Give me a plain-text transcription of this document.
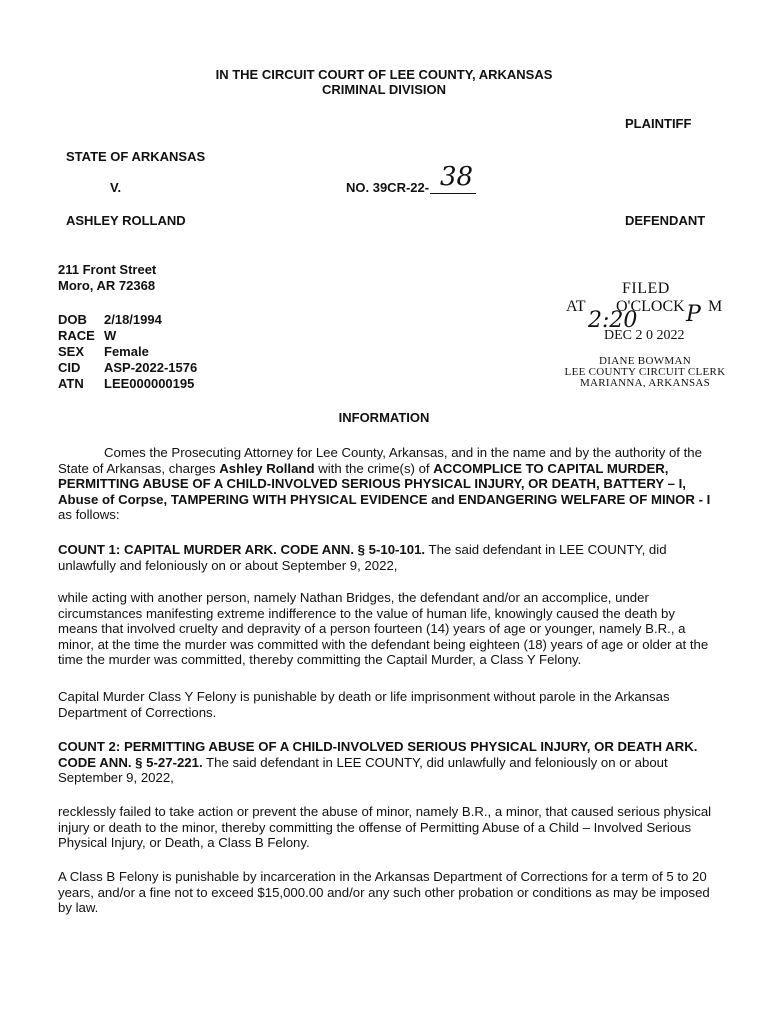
IN THE CIRCUIT COURT OF LEE COUNTY, ARKANSAS
CRIMINAL DIVISION
PLAINTIFF
STATE OF ARKANSAS
V.	NO. 39CR-22- 38
ASHLEY ROLLAND	DEFENDANT
211 Front Street
Moro, AR 72368
DOB	2/18/1994
RACE W
SEX	Female
CID	ASP-2022-1576
ATN	LEE000000195
FILED
AT O'CLOCK M
2:20 P
DEC 2 0 2022
DIANE BOWMAN
LEE COUNTY CIRCUIT CLERK
MARIANNA, ARKANSAS
INFORMATION
Comes the Prosecuting Attorney for Lee County, Arkansas, and in the name and by the authority of the State of Arkansas, charges Ashley Rolland with the crime(s) of ACCOMPLICE TO CAPITAL MURDER, PERMITTING ABUSE OF A CHILD-INVOLVED SERIOUS PHYSICAL INJURY, OR DEATH, BATTERY – I, Abuse of Corpse, TAMPERING WITH PHYSICAL EVIDENCE and ENDANGERING WELFARE OF MINOR - I as follows:
COUNT 1: CAPITAL MURDER ARK. CODE ANN. § 5-10-101. The said defendant in LEE COUNTY, did unlawfully and feloniously on or about September 9, 2022,
while acting with another person, namely Nathan Bridges, the defendant and/or an accomplice, under circumstances manifesting extreme indifference to the value of human life, knowingly caused the death by means that involved cruelty and depravity of a person fourteen (14) years of age or younger, namely B.R., a minor, at the time the murder was committed with the defendant being eighteen (18) years of age or older at the time the murder was committed, thereby committing the Captail Murder, a Class Y Felony.
Capital Murder Class Y Felony is punishable by death or life imprisonment without parole in the Arkansas Department of Corrections.
COUNT 2: PERMITTING ABUSE OF A CHILD-INVOLVED SERIOUS PHYSICAL INJURY, OR DEATH ARK. CODE ANN. § 5-27-221. The said defendant in LEE COUNTY, did unlawfully and feloniously on or about September 9, 2022,
recklessly failed to take action or prevent the abuse of minor, namely B.R., a minor, that caused serious physical injury or death to the minor, thereby committing the offense of Permitting Abuse of a Child – Involved Serious Physical Injury, or Death, a Class B Felony.
A Class B Felony is punishable by incarceration in the Arkansas Department of Corrections for a term of 5 to 20 years, and/or a fine not to exceed $15,000.00 and/or any such other probation or conditions as may be imposed by law.
